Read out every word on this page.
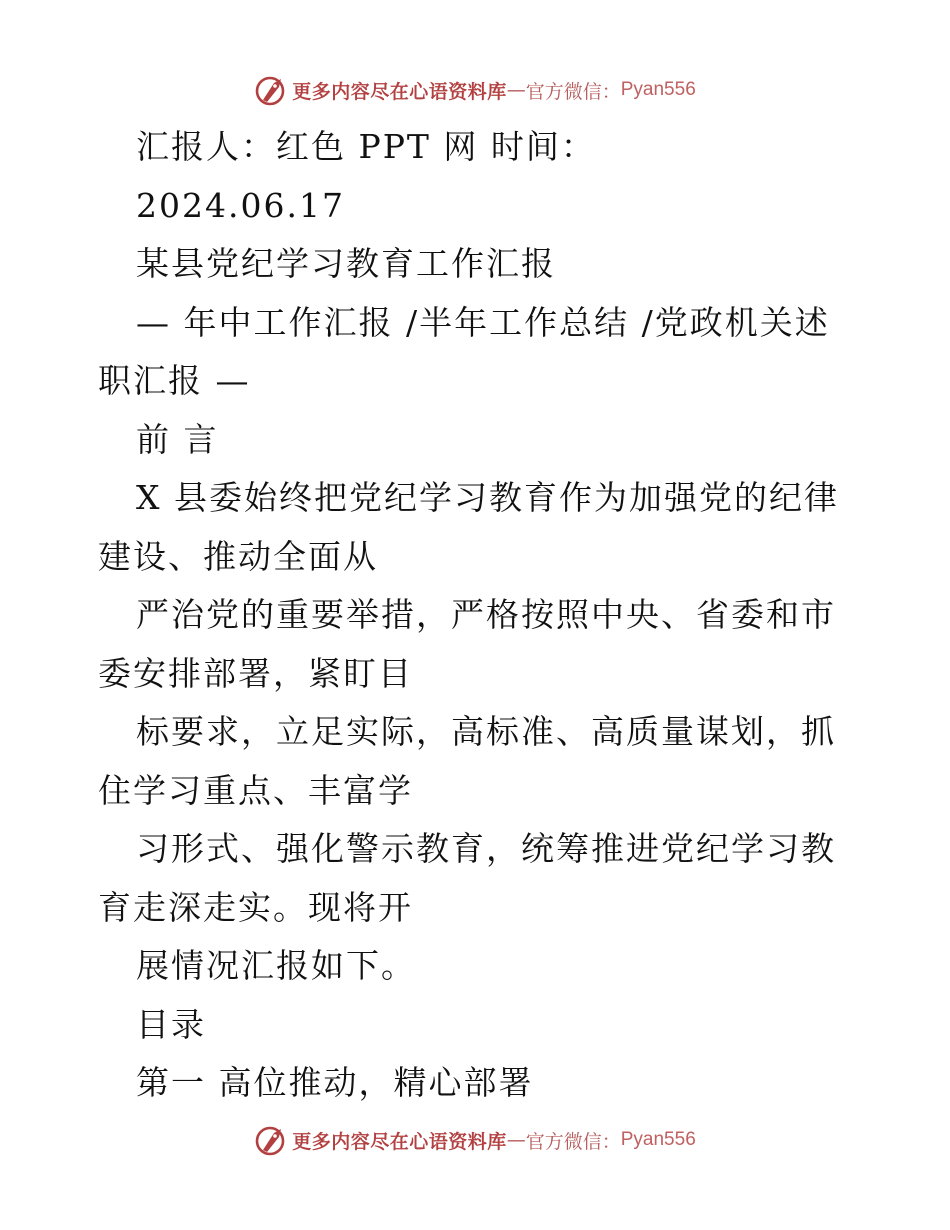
更多内容尽在心语资料库 — 官方微信： Pyan556

汇报人：红色 PPT 网 时间：

2024.06.17

某县党纪学习教育工作汇报

— 年中工作汇报 /半年工作总结 /党政机关述职汇报 —

前 言

X 县委始终把党纪学习教育作为加强党的纪律建设、推动全面从

严治党的重要举措，严格按照中央、省委和市委安排部署，紧盯目

标要求，立足实际，高标准、高质量谋划，抓住学习重点、丰富学

习形式、强化警示教育，统筹推进党纪学习教育走深走实。现将开

展情况汇报如下。

目录

第一 高位推动，精心部署

更多内容尽在心语资料库 — 官方微信： Pyan556
